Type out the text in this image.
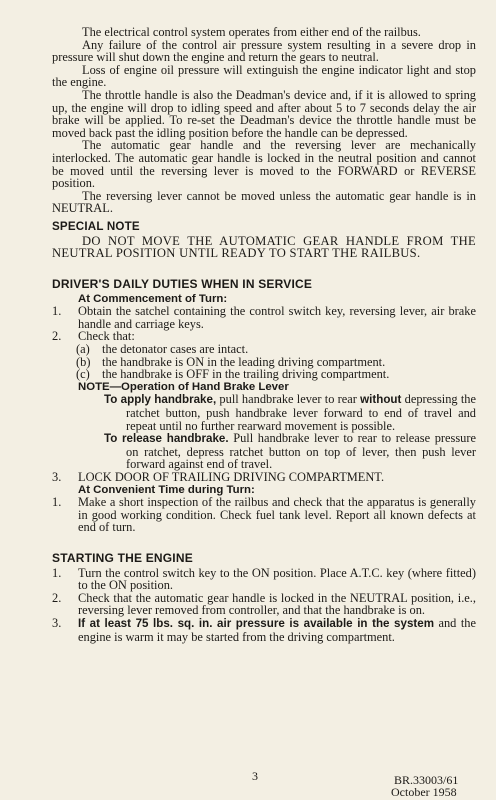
The electrical control system operates from either end of the railbus.

Any failure of the control air pressure system resulting in a severe drop in pressure will shut down the engine and return the gears to neutral.

Loss of engine oil pressure will extinguish the engine indicator light and stop the engine.

The throttle handle is also the Deadman's device and, if it is allowed to spring up, the engine will drop to idling speed and after about 5 to 7 seconds delay the air brake will be applied. To re-set the Deadman's device the throttle handle must be moved back past the idling position before the handle can be depressed.

The automatic gear handle and the reversing lever are mechanically interlocked. The automatic gear handle is locked in the neutral position and cannot be moved until the reversing lever is moved to the FORWARD or REVERSE position.

The reversing lever cannot be moved unless the automatic gear handle is in NEUTRAL.

SPECIAL NOTE

DO NOT MOVE THE AUTOMATIC GEAR HANDLE FROM THE NEUTRAL POSITION UNTIL READY TO START THE RAILBUS.

DRIVER'S DAILY DUTIES WHEN IN SERVICE
At Commencement of Turn:
1. Obtain the satchel containing the control switch key, reversing lever, air brake handle and carriage keys.
2. Check that:
(a) the detonator cases are intact.
(b) the handbrake is ON in the leading driving compartment.
(c) the handbrake is OFF in the trailing driving compartment.
NOTE—Operation of Hand Brake Lever

To apply handbrake, pull handbrake lever to rear without depressing the ratchet button, push handbrake lever forward to end of travel and repeat until no further rearward movement is possible.

To release handbrake. Pull handbrake lever to rear to release pressure on ratchet, depress ratchet button on top of lever, then push lever forward against end of travel.

3. LOCK DOOR OF TRAILING DRIVING COMPARTMENT.
At Convenient Time during Turn:
1. Make a short inspection of the railbus and check that the apparatus is generally in good working condition. Check fuel tank level. Report all known defects at end of turn.
STARTING THE ENGINE
1. Turn the control switch key to the ON position. Place A.T.C. key (where fitted) to the ON position.
2. Check that the automatic gear handle is locked in the NEUTRAL position, i.e., reversing lever removed from controller, and that the handbrake is on.
3. If at least 75 lbs. sq. in. air pressure is available in the system and the engine is warm it may be started from the driving compartment.
3	BR.33003/61
October 1958
